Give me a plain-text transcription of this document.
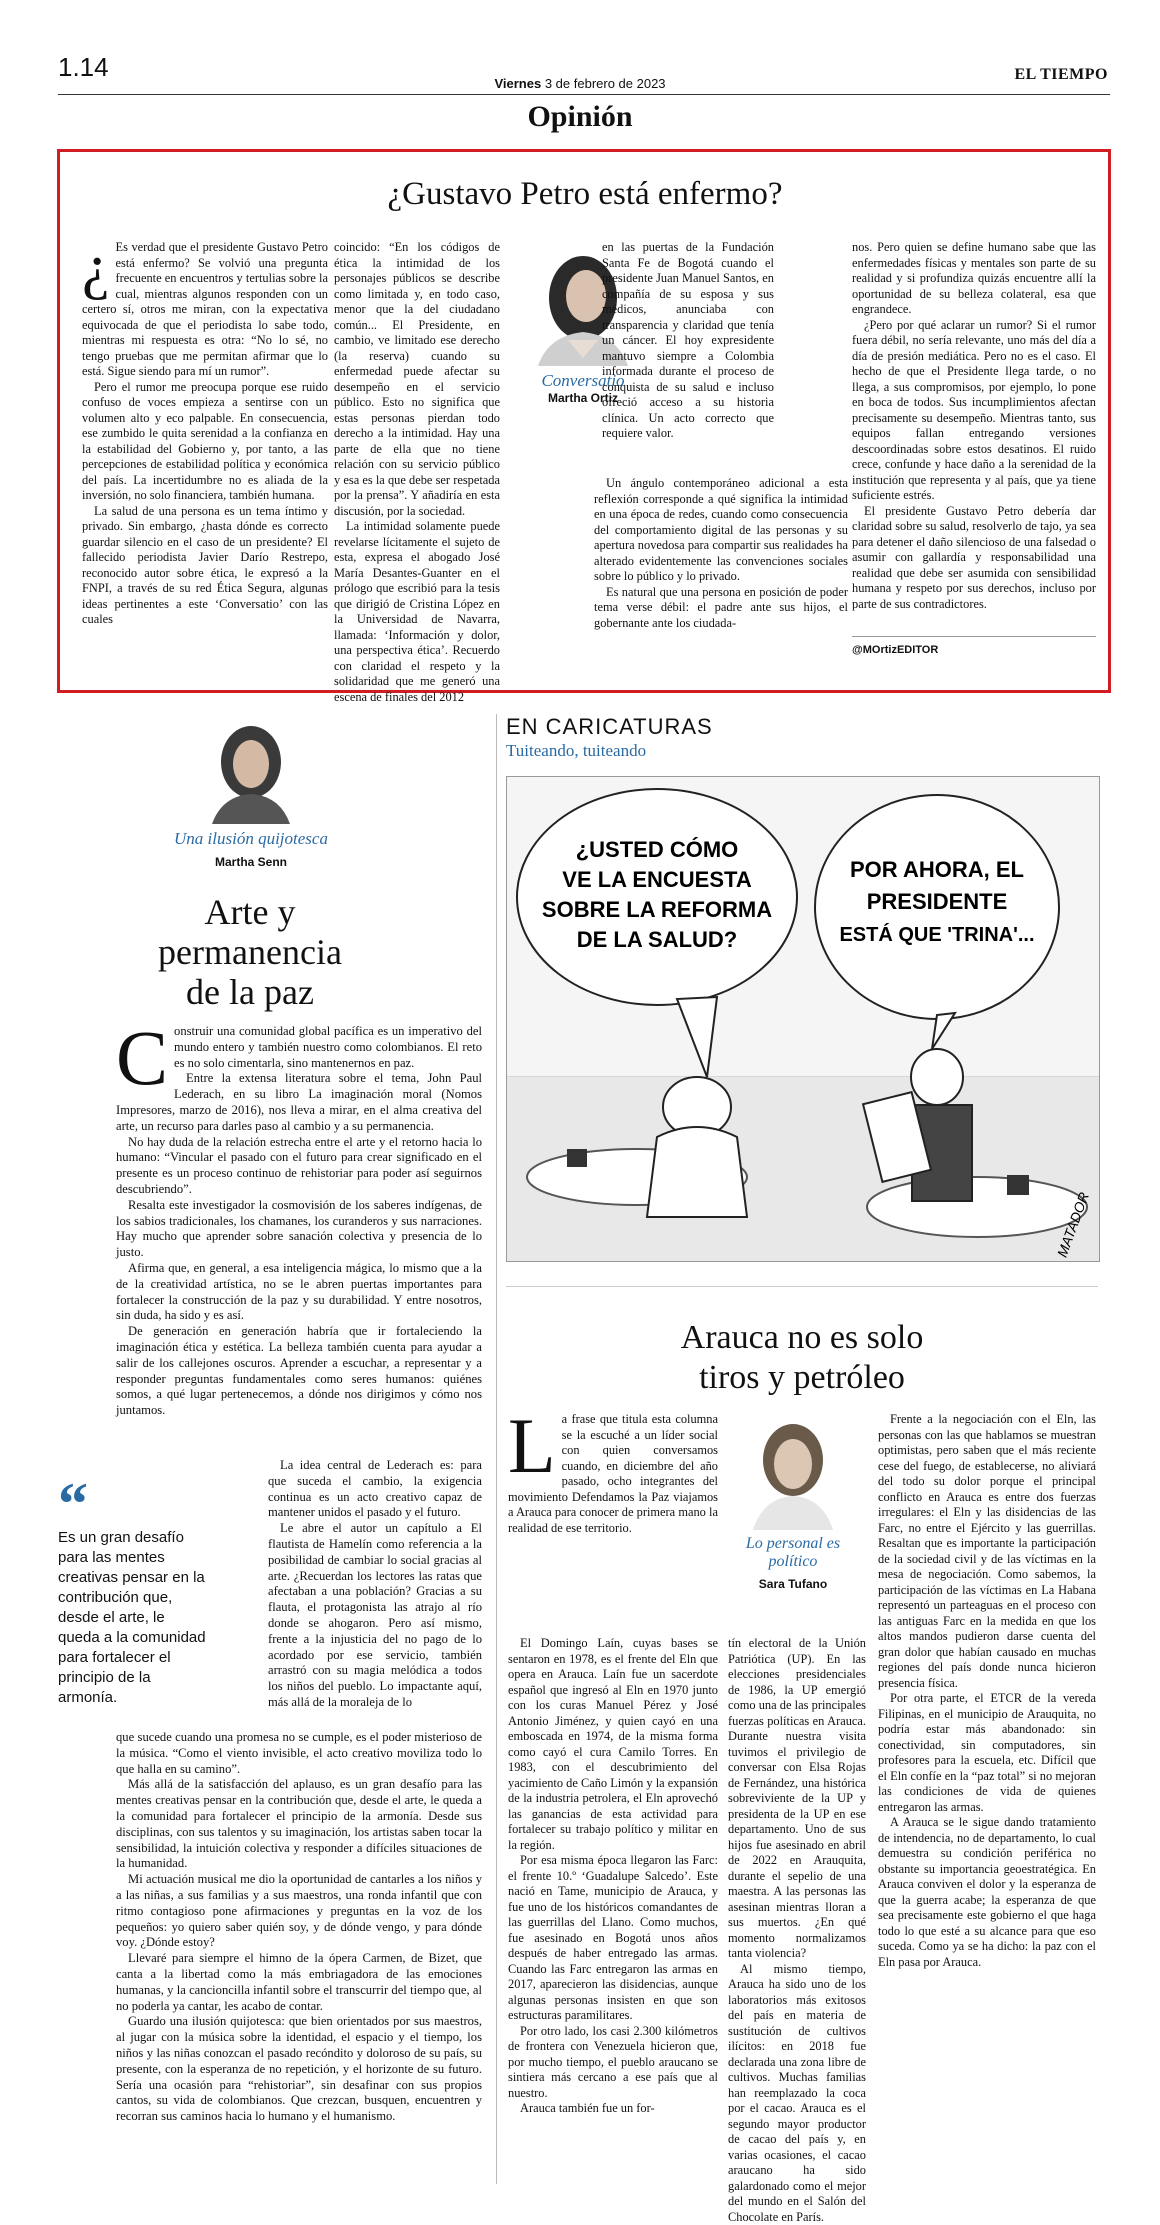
1.14
Viernes 3 de febrero de 2023
EL TIEMPO
Opinión
¿Gustavo Petro está enfermo?
¿ Es verdad que el presidente Gustavo Petro está enfermo? Se volvió una pregunta frecuente en encuentros y tertulias sobre la cual, mientras algunos responden con un certero sí, otros me miran, con la expectativa equivocada de que el periodista lo sabe todo, mientras mi respuesta es otra: “No lo sé, no tengo pruebas que me permitan afirmar que lo está. Sigue siendo para mí un rumor”.

Pero el rumor me preocupa porque ese ruido confuso de voces empieza a sentirse con un volumen alto y eco palpable. En consecuencia, ese zumbido le quita serenidad a la confianza en la estabilidad del Gobierno y, por tanto, a las percepciones de estabilidad política y económica del país. La incertidumbre no es aliada de la inversión, no solo financiera, también humana.

La salud de una persona es un tema íntimo y privado. Sin embargo, ¿hasta dónde es correcto guardar silencio en el caso de un presidente? El fallecido periodista Javier Darío Restrepo, reconocido autor sobre ética, le expresó a la FNPI, a través de su red Ética Segura, algunas ideas pertinentes a este ‘Conversatio’ con las cuales

coincido: “En los códigos de ética la intimidad de los personajes públicos se describe como limitada y, en todo caso, menor que la del ciudadano común... El Presidente, en cambio, ve limitado ese derecho (la reserva) cuando su enfermedad puede afectar su desempeño en el servicio público. Esto no significa que estas personas pierdan todo derecho a la intimidad. Hay una parte de ella que no tiene relación con su servicio público y esa es la que debe ser respetada por la prensa”. Y añadiría en esta discusión, por la sociedad.

La intimidad solamente puede revelarse lícitamente el sujeto de esta, expresa el abogado José María Desantes-Guanter en el prólogo que escribió para la tesis que dirigió de Cristina López en la Universidad de Navarra, llamada: ‘Información y dolor, una perspectiva ética’. Recuerdo con claridad el respeto y la solidaridad que me generó una escena de finales del 2012

Conversatio
Martha Ortiz

en las puertas de la Fundación Santa Fe de Bogotá cuando el presidente Juan Manuel Santos, en compañía de su esposa y sus médicos, anunciaba con transparencia y claridad que tenía un cáncer. El hoy expresidente mantuvo siempre a Colombia informada durante el proceso de conquista de su salud e incluso ofreció acceso a su historia clínica. Un acto correcto que requiere valor.

Un ángulo contemporáneo adicional a esta reflexión corresponde a qué significa la intimidad en una época de redes, cuando como consecuencia del comportamiento digital de las personas y su apertura novedosa para compartir sus realidades ha alterado evidentemente las convenciones sociales sobre lo público y lo privado.

Es natural que una persona en posición de poder tema verse débil: el padre ante sus hijos, el gobernante ante los ciudada-

nos. Pero quien se define humano sabe que las enfermedades físicas y mentales son parte de su realidad y si profundiza quizás encuentre allí la oportunidad de su belleza colateral, esa que engrandece.

¿Pero por qué aclarar un rumor? Si el rumor fuera débil, no sería relevante, uno más del día a día de presión mediática. Pero no es el caso. El hecho de que el Presidente llega tarde, o no llega, a sus compromisos, por ejemplo, lo pone en boca de todos. Sus incumplimientos afectan precisamente su desempeño. Mientras tanto, sus equipos fallan entregando versiones descoordinadas sobre estos desatinos. El ruido crece, confunde y hace daño a la serenidad de la institución que representa y al país, que ya tiene suficiente estrés.

El presidente Gustavo Petro debería dar claridad sobre su salud, resolverlo de tajo, ya sea para detener el daño silencioso de una falsedad o asumir con gallardía y responsabilidad una realidad que debe ser asumida con sensibilidad humana y respeto por sus derechos, incluso por parte de sus contradictores.

@MOrtizEDITOR
Una ilusión quijotesca
Martha Senn
Arte y
permanencia
de la paz
C onstruir una comunidad global pacífica es un imperativo del mundo entero y también nuestro como colombianos. El reto es no solo cimentarla, sino mantenernos en paz.

Entre la extensa literatura sobre el tema, John Paul Lederach, en su libro La imaginación moral (Nomos Impresores, marzo de 2016), nos lleva a mirar, en el alma creativa del arte, un recurso para darles paso al cambio y a su permanencia.

No hay duda de la relación estrecha entre el arte y el retorno hacia lo humano: “Vincular el pasado con el futuro para crear significado en el presente es un proceso continuo de rehistoriar para poder así seguirnos descubriendo”.

Resalta este investigador la cosmovisión de los saberes indígenas, de los sabios tradicionales, los chamanes, los curanderos y sus narraciones. Hay mucho que aprender sobre sanación colectiva y presencia de lo justo.

Afirma que, en general, a esa inteligencia mágica, lo mismo que a la de la creatividad artística, no se le abren puertas importantes para fortalecer la construcción de la paz y su durabilidad. Y entre nosotros, sin duda, ha sido y es así.

De generación en generación habría que ir fortaleciendo la imaginación ética y estética. La belleza también cuenta para ayudar a salir de los callejones oscuros. Aprender a escuchar, a representar y a responder preguntas fundamentales como seres humanos: quiénes somos, a qué lugar pertenecemos, a dónde nos dirigimos y cómo nos juntamos.

“
Es un gran desafío para las mentes creativas pensar en la contribución que, desde el arte, le queda a la comunidad para fortalecer el principio de la armonía.

La idea central de Lederach es: para que suceda el cambio, la exigencia continua es un acto creativo capaz de mantener unidos el pasado y el futuro.

Le abre el autor un capítulo a El flautista de Hamelín como referencia a la posibilidad de cambiar lo social gracias al arte. ¿Recuerdan los lectores las ratas que afectaban a una población? Gracias a su flauta, el protagonista las atrajo al río donde se ahogaron. Pero así mismo, frente a la injusticia del no pago de lo acordado por ese servicio, también arrastró con su magia melódica a todos los niños del pueblo. Lo impactante aquí, más allá de la moraleja de lo

que sucede cuando una promesa no se cumple, es el poder misterioso de la música. “Como el viento invisible, el acto creativo moviliza todo lo que halla en su camino”.

Más allá de la satisfacción del aplauso, es un gran desafío para las mentes creativas pensar en la contribución que, desde el arte, le queda a la comunidad para fortalecer el principio de la armonía. Desde sus disciplinas, con sus talentos y su imaginación, los artistas saben tocar la sensibilidad, la intuición colectiva y responder a difíciles situaciones de la humanidad.

Mi actuación musical me dio la oportunidad de cantarles a los niños y a las niñas, a sus familias y a sus maestros, una ronda infantil que con ritmo contagioso pone afirmaciones y preguntas en la voz de los pequeños: yo quiero saber quién soy, y de dónde vengo, y para dónde voy. ¿Dónde estoy?

Llevaré para siempre el himno de la ópera Carmen, de Bizet, que canta a la libertad como la más embriagadora de las emociones humanas, y la cancioncilla infantil sobre el transcurrir del tiempo que, al no poderla ya cantar, les acabo de contar.

Guardo una ilusión quijotesca: que bien orientados por sus maestros, al jugar con la música sobre la identidad, el espacio y el tiempo, los niños y las niñas conozcan el pasado recóndito y doloroso de su país, su presente, con la esperanza de no repetición, y el horizonte de su futuro. Sería una ocasión para “rehistoriar”, sin desafinar con sus propios cantos, su vida de colombianos. Que crezcan, busquen, encuentren y recorran sus caminos hacia lo humano y el humanismo.

EN CARICATURAS
Tuiteando, tuiteando
¿USTED CÓMO
VE LA ENCUESTA
SOBRE LA REFORMA
DE LA SALUD?
POR AHORA, EL
PRESIDENTE
ESTÁ QUE 'TRINA'...
MATADOR
Arauca no es solo
tiros y petróleo
L a frase que titula esta columna se la escuché a un líder social con quien conversamos cuando, en diciembre del año pasado, ocho integrantes del movimiento Defendamos la Paz viajamos a Arauca para conocer de primera mano la realidad de ese territorio.

Lo personal es
político
Sara Tufano

El Domingo Laín, cuyas bases se sentaron en 1978, es el frente del Eln que opera en Arauca. Laín fue un sacerdote español que ingresó al Eln en 1970 junto con los curas Manuel Pérez y José Antonio Jiménez, y quien cayó en una emboscada en 1974, de la misma forma como cayó el cura Camilo Torres. En 1983, con el descubrimiento del yacimiento de Caño Limón y la expansión de la industria petrolera, el Eln aprovechó las ganancias de esta actividad para fortalecer su trabajo político y militar en la región.

Por esa misma época llegaron las Farc: el frente 10.º ‘Guadalupe Salcedo’. Este nació en Tame, municipio de Arauca, y fue uno de los históricos comandantes de las guerrillas del Llano. Como muchos, fue asesinado en Bogotá unos años después de haber entregado las armas. Cuando las Farc entregaron las armas en 2017, aparecieron las disidencias, aunque algunas personas insisten en que son estructuras paramilitares.

Por otro lado, los casi 2.300 kilómetros de frontera con Venezuela hicieron que, por mucho tiempo, el pueblo araucano se sintiera más cercano a ese país que al nuestro.

Arauca también fue un for-

tín electoral de la Unión Patriótica (UP). En las elecciones presidenciales de 1986, la UP emergió como una de las principales fuerzas políticas en Arauca. Durante nuestra visita tuvimos el privilegio de conversar con Elsa Rojas de Fernández, una histórica sobreviviente de la UP y presidenta de la UP en ese departamento. Uno de sus hijos fue asesinado en abril de 2022 en Arauquita, durante el sepelio de una maestra. A las personas las asesinan mientras lloran a sus muertos. ¿En qué momento normalizamos tanta violencia?

Al mismo tiempo, Arauca ha sido uno de los laboratorios más exitosos del país en materia de sustitución de cultivos ilícitos: en 2018 fue declarada una zona libre de cultivos. Muchas familias han reemplazado la coca por el cacao. Arauca es el segundo mayor productor de cacao del país y, en varias ocasiones, el cacao araucano ha sido galardonado como el mejor del mundo en el Salón del Chocolate en París.

Frente a la negociación con el Eln, las personas con las que hablamos se muestran optimistas, pero saben que el más reciente cese del fuego, de establecerse, no aliviará del todo su dolor porque el principal conflicto en Arauca es entre dos fuerzas irregulares: el Eln y las disidencias de las Farc, no entre el Ejército y las guerrillas. Resaltan que es importante la participación de la sociedad civil y de las víctimas en la mesa de negociación. Como sabemos, la participación de las víctimas en La Habana representó un parteaguas en el proceso con las antiguas Farc en la medida en que los altos mandos pudieron darse cuenta del gran dolor que habían causado en muchas regiones del país donde nunca hicieron presencia física.

Por otra parte, el ETCR de la vereda Filipinas, en el municipio de Arauquita, no podría estar más abandonado: sin conectividad, sin computadores, sin profesores para la escuela, etc. Difícil que el Eln confíe en la “paz total” si no mejoran las condiciones de vida de quienes entregaron las armas.

A Arauca se le sigue dando tratamiento de intendencia, no de departamento, lo cual demuestra su condición periférica no obstante su importancia geoestratégica. En Arauca conviven el dolor y la esperanza de que la guerra acabe; la esperanza de que sea precisamente este gobierno el que haga todo lo que esté a su alcance para que eso suceda. Como ya se ha dicho: la paz con el Eln pasa por Arauca.
